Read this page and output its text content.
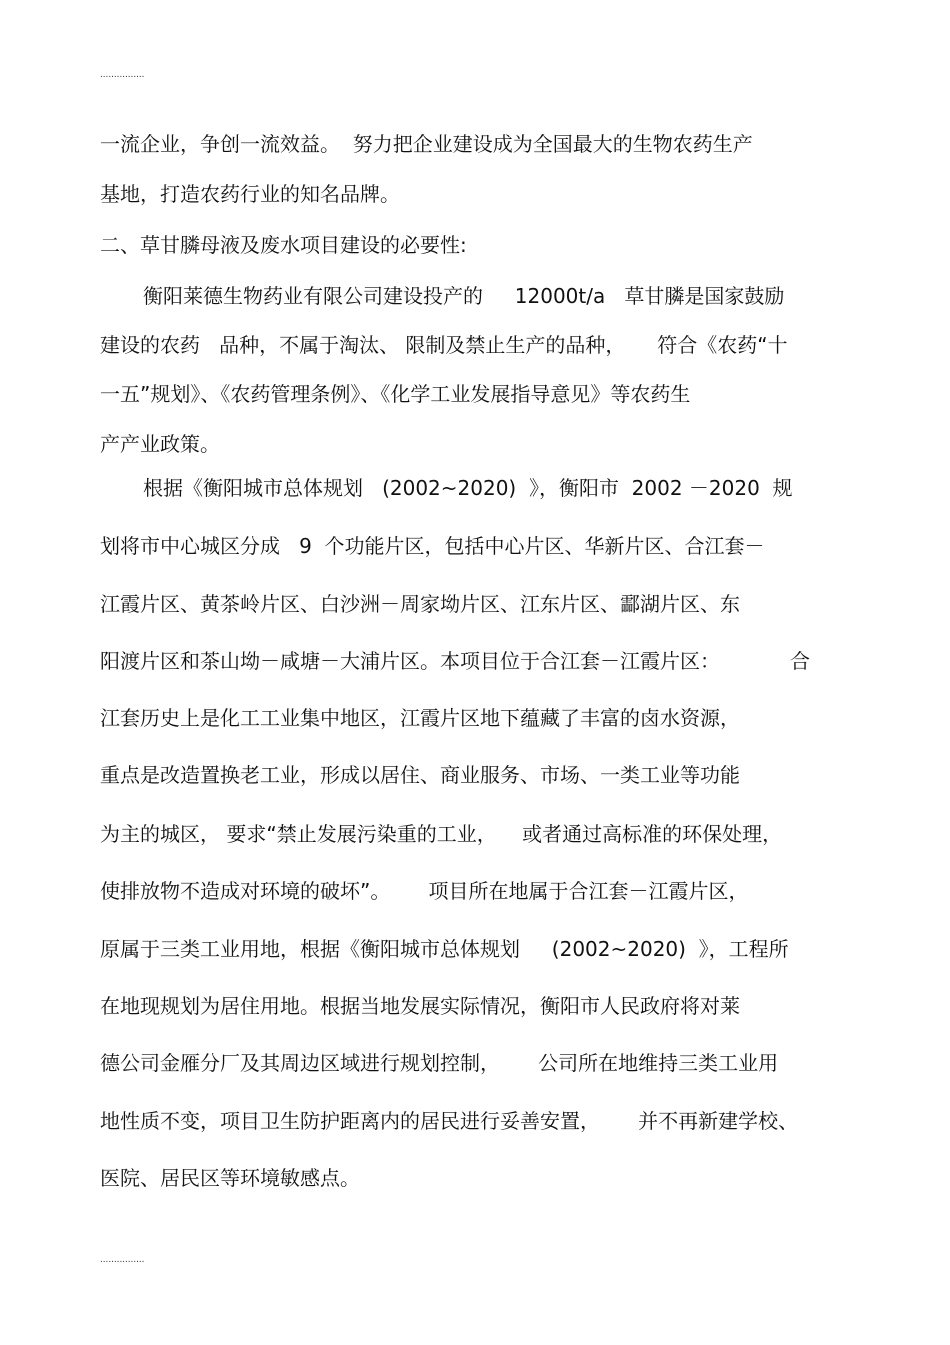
................
一流企业，争创一流效益。  努力把企业建设成为全国最大的生物农药生产
基地，打造农药行业的知名品牌。
二、草甘膦母液及废水项目建设的必要性:
衡阳莱德生物药业有限公司建设投产的     12000t/a   草甘膦是国家鼓励
建设的农药   品种，不属于淘汰、 限制及禁止生产的品种，     符合《农药“十
一五”规划》、《农药管理条例》、《化学工业发展指导意见》等农药生
产产业政策。
根据《衡阳城市总体规划   (2002~2020)  》，衡阳市  2002 －2020  规
划将市中心城区分成   9  个功能片区，包括中心片区、华新片区、合江套－
江霞片区、黄茶岭片区、白沙洲－周家坳片区、江东片区、酃湖片区、东
阳渡片区和茶山坳－咸塘－大浦片区。本项目位于合江套－江霞片区：	合
江套历史上是化工工业集中地区，江霞片区地下蕴藏了丰富的卤水资源，
重点是改造置换老工业，形成以居住、商业服务、市场、一类工业等功能
为主的城区， 要求“禁止发展污染重的工业，    或者通过高标准的环保处理，
使排放物不造成对环境的破坏”。      项目所在地属于合江套－江霞片区，
原属于三类工业用地，根据《衡阳城市总体规划     (2002~2020)  》，工程所
在地现规划为居住用地。根据当地发展实际情况，衡阳市人民政府将对莱
德公司金雁分厂及其周边区域进行规划控制，      公司所在地维持三类工业用
地性质不变，项目卫生防护距离内的居民进行妥善安置，      并不再新建学校、
医院、居民区等环境敏感点。
................
